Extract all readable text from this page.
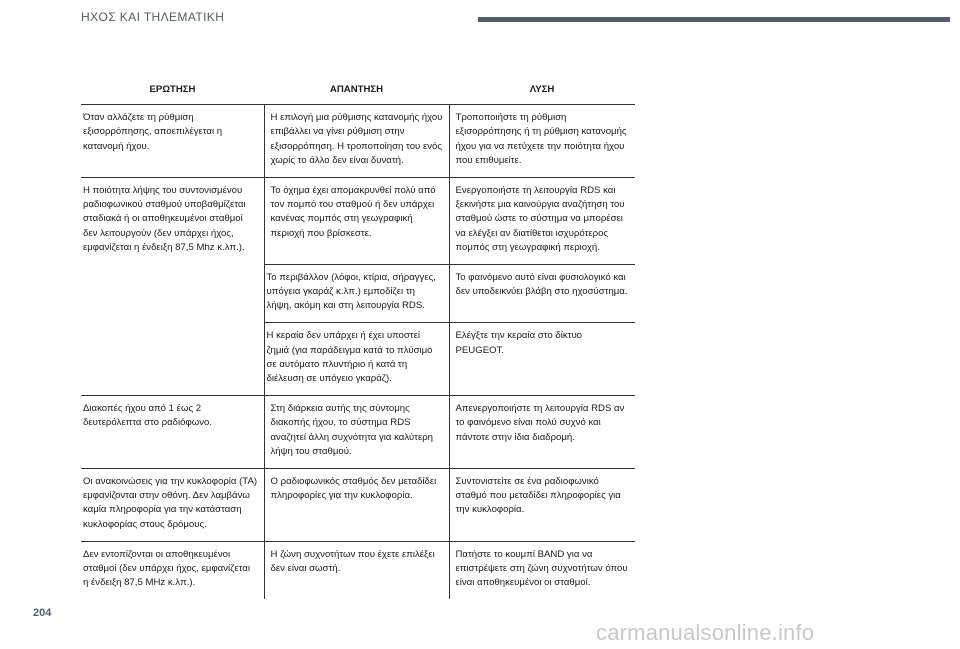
ΗΧΟΣ ΚΑΙ ΤΗΛΕΜΑΤΙΚΗ
ΕΡΩΤΗΣΗ	ΑΠΑΝΤΗΣΗ	ΛΥΣΗ
Όταν αλλάζετε τη ρύθμιση εξισορρόπησης, αποεπιλέγεται η κατανομή ήχου.	Η επιλογή μια ρύθμισης κατανομής ήχου επιβάλλει να γίνει ρύθμιση στην εξισορρόπηση. Η τροποποίηση του ενός χωρίς το άλλο δεν είναι δυνατή.	Τροποποιήστε τη ρύθμιση εξισορρόπησης ή τη ρύθμιση κατανομής ήχου για να πετύχετε την ποιότητα ήχου που επιθυμείτε.
Η ποιότητα λήψης του συντονισμένου ραδιοφωνικού σταθμού υποβαθμίζεται σταδιακά ή οι αποθηκευμένοι σταθμοί δεν λειτουργούν (δεν υπάρχει ήχος, εμφανίζεται η ένδειξη 87,5 Mhz κ.λπ.).	Το όχημα έχει απομακρυνθεί πολύ από τον πομπό του σταθμού ή δεν υπάρχει κανένας πομπός στη γεωγραφική περιοχή που βρίσκεστε.	Ενεργοποιήστε τη λειτουργία RDS και ξεκινήστε μια καινούργια αναζήτηση του σταθμού ώστε το σύστημα να μπορέσει να ελέγξει αν διατίθεται ισχυρότερος πομπός στη γεωγραφική περιοχή.
	Το περιβάλλον (λόφοι, κτίρια, σήραγγες, υπόγεια γκαράζ κ.λπ.) εμποδίζει τη λήψη, ακόμη και στη λειτουργία RDS.	Το φαινόμενο αυτό είναι φυσιολογικό και δεν υποδεικνύει βλάβη στο ηχοσύστημα.
	Η κεραία δεν υπάρχει ή έχει υποστεί ζημιά (για παράδειγμα κατά το πλύσιμο σε αυτόματο πλυντήριο ή κατά τη διέλευση σε υπόγειο γκαράζ).	Ελέγξτε την κεραία στο δίκτυο PEUGEOT.
Διακοπές ήχου από 1 έως 2 δευτερόλεπτα στο ραδιόφωνο.	Στη διάρκεια αυτής της σύντομης διακοπής ήχου, το σύστημα RDS αναζητεί άλλη συχνότητα για καλύτερη λήψη του σταθμού.	Απενεργοποιήστε τη λειτουργία RDS αν το φαινόμενο είναι πολύ συχνό και πάντοτε στην ίδια διαδρομή.
Οι ανακοινώσεις για την κυκλοφορία (TA) εμφανίζονται στην οθόνη. Δεν λαμβάνω καμία πληροφορία για την κατάσταση κυκλοφορίας στους δρόμους.	Ο ραδιοφωνικός σταθμός δεν μεταδίδει πληροφορίες για την κυκλοφορία.	Συντονιστείτε σε ένα ραδιοφωνικό σταθμό που μεταδίδει πληροφορίες για την κυκλοφορία.
Δεν εντοπίζονται οι αποθηκευμένοι σταθμοί (δεν υπάρχει ήχος, εμφανίζεται η ένδειξη 87,5 MHz κ.λπ.).	Η ζώνη συχνοτήτων που έχετε επιλέξει δεν είναι σωστή.	Πατήστε το κουμπί BAND για να επιστρέψετε στη ζώνη συχνοτήτων όπου είναι αποθηκευμένοι οι σταθμοί.
204
carmanualsonline.info
